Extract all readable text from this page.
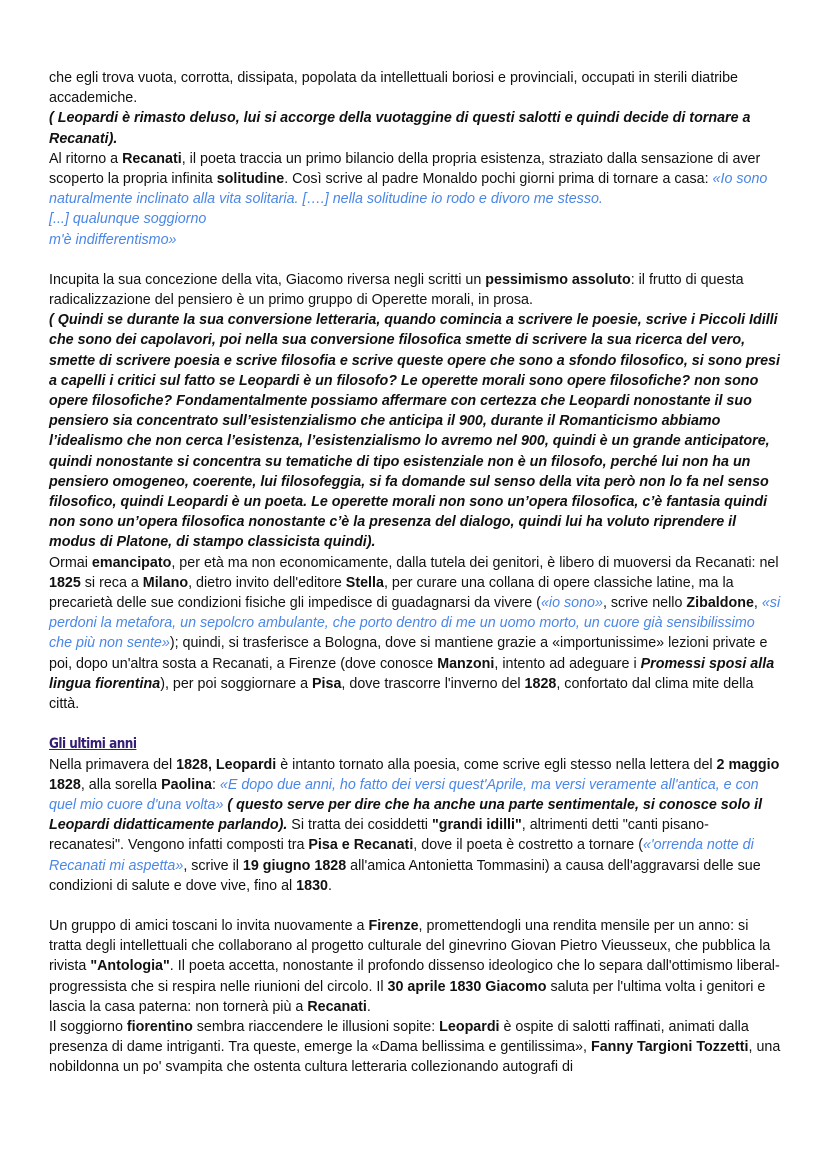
che egli trova vuota, corrotta, dissipata, popolata da intellettuali boriosi e provinciali, occupati in sterili diatribe accademiche.

( Leopardi è rimasto deluso, lui si accorge della vuotaggine di questi salotti e quindi decide di tornare a Recanati).

Al ritorno a Recanati, il poeta traccia un primo bilancio della propria esistenza, straziato dalla sensazione di aver scoperto la propria infinita solitudine. Così scrive al padre Monaldo pochi giorni prima di tornare a casa: «Io sono naturalmente inclinato alla vita solitaria. [….] nella solitudine io rodo e divoro me stesso.

[...] qualunque soggiorno

m'è indifferentismo»

Incupita la sua concezione della vita, Giacomo riversa negli scritti un pessimismo assoluto: il frutto di questa radicalizzazione del pensiero è un primo gruppo di Operette morali, in prosa.

( Quindi se durante la sua conversione letteraria, quando comincia a scrivere le poesie, scrive i Piccoli Idilli che sono dei capolavori, poi nella sua conversione filosofica smette di scrivere la sua ricerca del vero, smette di scrivere poesia e scrive filosofia e scrive queste opere che sono a sfondo filosofico, si sono presi a capelli i critici sul fatto se Leopardi è un filosofo? Le operette morali sono opere filosofiche? non sono opere filosofiche? Fondamentalmente possiamo affermare con certezza che Leopardi nonostante il suo pensiero sia concentrato sull’esistenzialismo che anticipa il 900, durante il Romanticismo abbiamo l’idealismo che non cerca l’esistenza, l’esistenzialismo lo avremo nel 900, quindi è un grande anticipatore, quindi nonostante si concentra su tematiche di tipo esistenziale non è un filosofo, perché lui non ha un pensiero omogeneo, coerente, lui filosofeggia, si fa domande sul senso della vita però non lo fa nel senso filosofico, quindi Leopardi è un poeta. Le operette morali non sono un’opera filosofica, c’è fantasia quindi non sono un’opera filosofica nonostante c’è la presenza del dialogo, quindi lui ha voluto riprendere il modus di Platone, di stampo classicista quindi).

Ormai emancipato, per età ma non economicamente, dalla tutela dei genitori, è libero di muoversi da Recanati: nel 1825 si reca a Milano, dietro invito dell'editore Stella, per curare una collana di opere classiche latine, ma la precarietà delle sue condizioni fisiche gli impedisce di guadagnarsi da vivere («io sono», scrive nello Zibaldone, «si perdoni la metafora, un sepolcro ambulante, che porto dentro di me un uomo morto, un cuore già sensibilissimo che più non sente»); quindi, si trasferisce a Bologna, dove si mantiene grazie a «importunissime» lezioni private e poi, dopo un'altra sosta a Recanati, a Firenze (dove conosce Manzoni, intento ad adeguare i Promessi sposi alla lingua fiorentina), per poi soggiornare a Pisa, dove trascorre l'inverno del 1828, confortato dal clima mite della città.

Gli ultimi anni

Nella primavera del 1828, Leopardi è intanto tornato alla poesia, come scrive egli stesso nella lettera del 2 maggio 1828, alla sorella Paolina: «E dopo due anni, ho fatto dei versi quest'Aprile, ma versi veramente all'antica, e con quel mio cuore d'una volta» ( questo serve per dire che ha anche una parte sentimentale, si conosce solo il Leopardi didatticamente parlando). Si tratta dei cosiddetti "grandi idilli", altrimenti detti "canti pisano-recanatesi". Vengono infatti composti tra Pisa e Recanati, dove il poeta è costretto a tornare («'orrenda notte di Recanati mi aspetta», scrive il 19 giugno 1828 all'amica Antonietta Tommasini) a causa dell'aggravarsi delle sue condizioni di salute e dove vive, fino al 1830.

Un gruppo di amici toscani lo invita nuovamente a Firenze, promettendogli una rendita mensile per un anno: si tratta degli intellettuali che collaborano al progetto culturale del ginevrino Giovan Pietro Vieusseux, che pubblica la rivista "Antologia". Il poeta accetta, nonostante il profondo dissenso ideologico che lo separa dall'ottimismo liberal-progressista che si respira nelle riunioni del circolo. Il 30 aprile 1830 Giacomo saluta per l'ultima volta i genitori e lascia la casa paterna: non tornerà più a Recanati.

Il soggiorno fiorentino sembra riaccendere le illusioni sopite: Leopardi è ospite di salotti raffinati, animati dalla presenza di dame intriganti. Tra queste, emerge la «Dama bellissima e gentilissima», Fanny Targioni Tozzetti, una nobildonna un po' svampita che ostenta cultura letteraria collezionando autografi di
